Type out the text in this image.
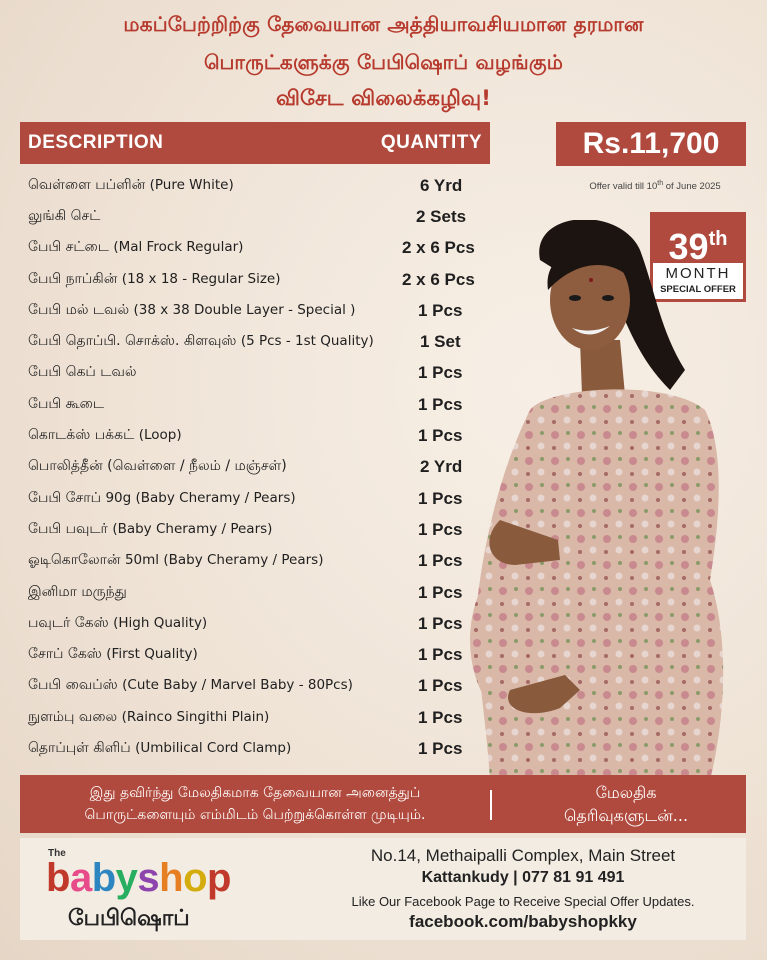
மகப்பேற்றிற்கு தேவையான அத்தியாவசியமான தரமான
பொருட்களுக்கு பேபிஷொப் வழங்கும்
விசேட விலைக்கழிவு!
DESCRIPTION	QUANTITY	Rs.11,700
Offer valid till 10th of June 2025
39th
MONTH
SPECIAL OFFER
வெள்ளை பப்ளின் (Pure White)	6 Yrd
லுங்கி செட்	2 Sets
பேபி சட்டை (Mal Frock Regular)	2 x 6 Pcs
பேபி நாப்கின் (18 x 18 - Regular Size)	2 x 6 Pcs
பேபி மல் டவல் (38 x 38 Double Layer - Special )	1 Pcs
பேபி தொப்பி. சொக்ஸ். கிளவுஸ் (5 Pcs - 1st Quality)	1 Set
பேபி கெப் டவல்	1 Pcs
பேபி கூடை	1 Pcs
கொடக்ஸ் பக்கட் (Loop)	1 Pcs
பொலித்தீன் (வெள்ளை / நீலம் / மஞ்சள்)	2 Yrd
பேபி சோப் 90g (Baby Cheramy / Pears)	1 Pcs
பேபி பவுடர் (Baby Cheramy / Pears)	1 Pcs
ஓடிகொலோன் 50ml (Baby Cheramy / Pears)	1 Pcs
இனிமா மருந்து	1 Pcs
பவுடர் கேஸ் (High Quality)	1 Pcs
சோப் கேஸ் (First Quality)	1 Pcs
பேபி வைப்ஸ் (Cute Baby / Marvel Baby - 80Pcs)	1 Pcs
நுளம்பு வலை (Rainco Singithi Plain)	1 Pcs
தொப்புள் கிளிப் (Umbilical Cord Clamp)	1 Pcs
இது தவிர்ந்து மேலதிகமாக தேவையான அனைத்துப்
பொருட்களையும் எம்மிடம் பெற்றுக்கொள்ள முடியும்.
மேலதிக
தெரிவுகளுடன்...
The
babyshop
பேபிஷொப்
No.14, Methaipalli Complex, Main Street
Kattankudy | 077 81 91 491
Like Our Facebook Page to Receive Special Offer Updates.
facebook.com/babyshopkky
